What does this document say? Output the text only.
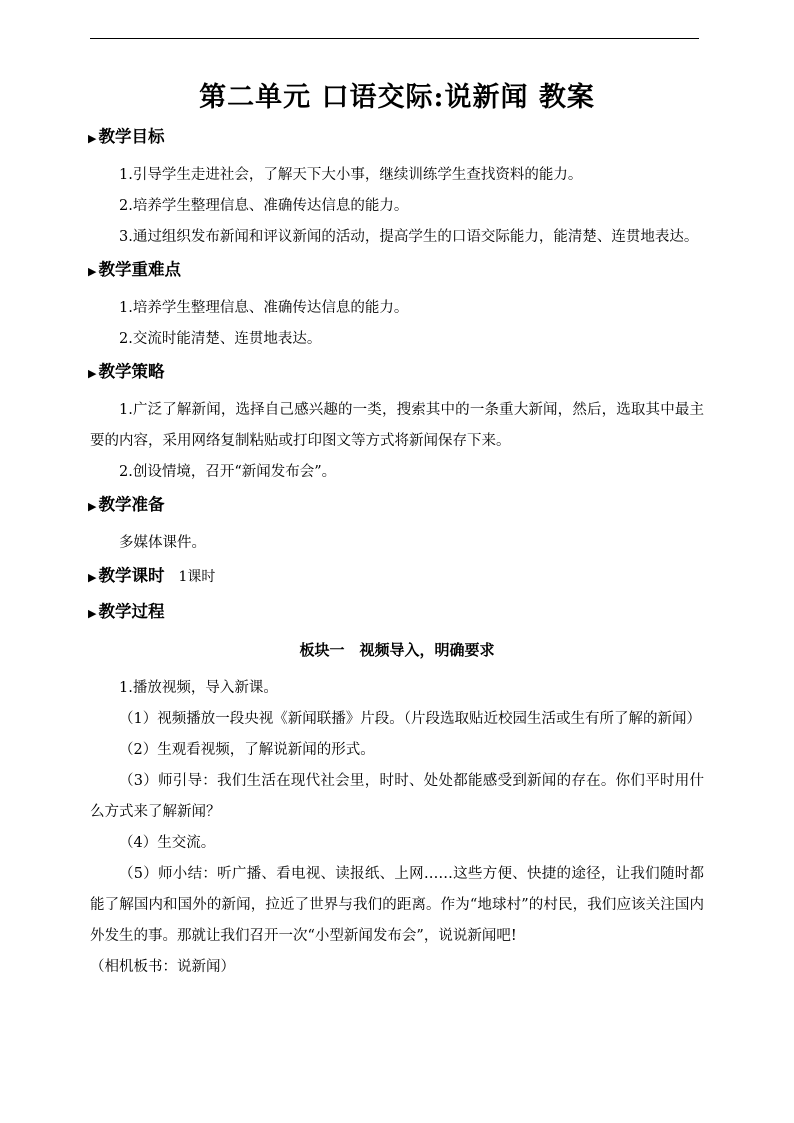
第二单元 口语交际:说新闻 教案
▶ 教学目标

1.引导学生走进社会，了解天下大小事，继续训练学生查找资料的能力。

2.培养学生整理信息、准确传达信息的能力。

3.通过组织发布新闻和评议新闻的活动，提高学生的口语交际能力，能清楚、连贯地表达。

▶ 教学重难点

1.培养学生整理信息、准确传达信息的能力。

2.交流时能清楚、连贯地表达。

▶ 教学策略

1.广泛了解新闻，选择自己感兴趣的一类，搜索其中的一条重大新闻，然后，选取其中最主要的内容，采用网络复制粘贴或打印图文等方式将新闻保存下来。

2.创设情境，召开“新闻发布会”。

▶ 教学准备

多媒体课件。

▶ 教学课时 1课时
▶ 教学过程
板块一　视频导入，明确要求

1.播放视频，导入新课。

（1）视频播放一段央视《新闻联播》片段。（片段选取贴近校园生活或生有所了解的新闻）

（2）生观看视频，了解说新闻的形式。

（3）师引导：我们生活在现代社会里，时时、处处都能感受到新闻的存在。你们平时用什么方式来了解新闻？

（4）生交流。

（5）师小结：听广播、看电视、读报纸、上网……这些方便、快捷的途径，让我们随时都能了解国内和国外的新闻，拉近了世界与我们的距离。作为“地球村”的村民，我们应该关注国内外发生的事。那就让我们召开一次“小型新闻发布会”，说说新闻吧!

（相机板书：说新闻）
